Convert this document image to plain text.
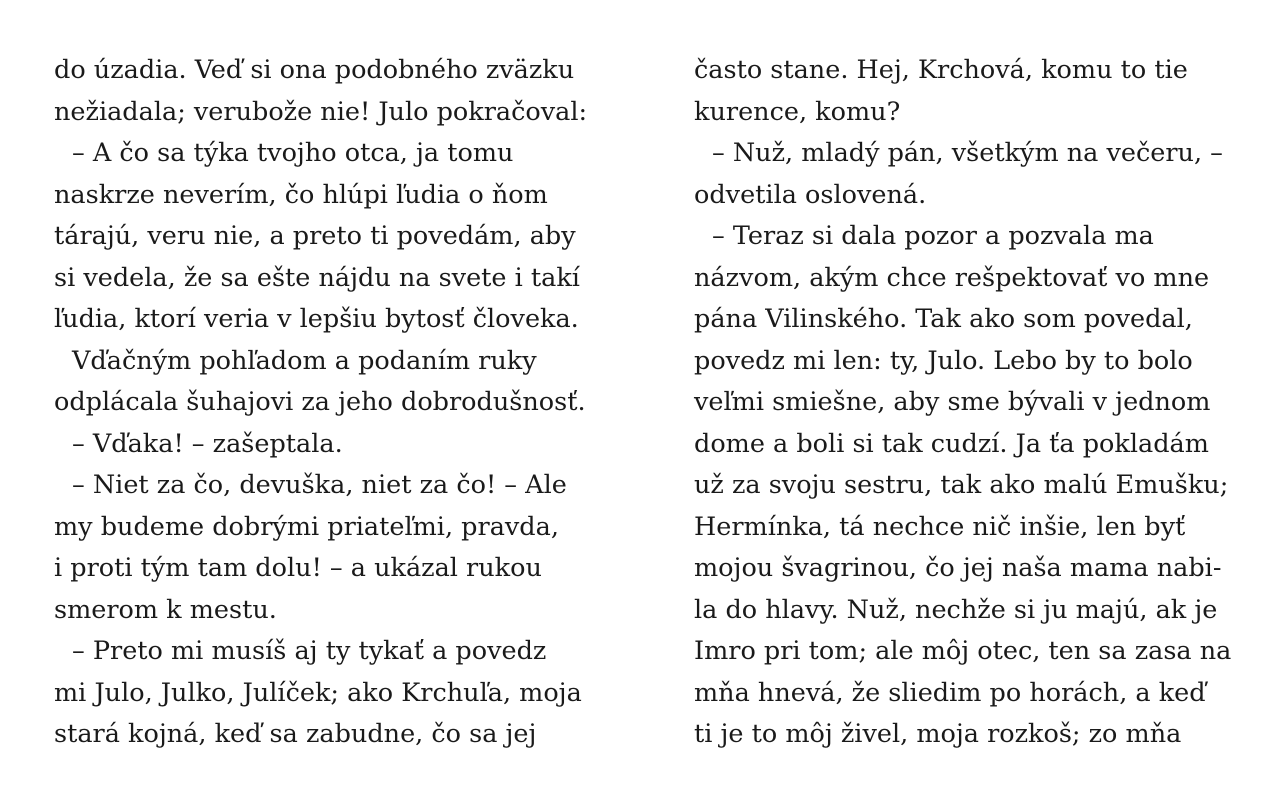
do úzadia. Veď si ona podobného zväzku
nežiadala; verubože nie! Julo pokračoval:
– A čo sa týka tvojho otca, ja tomu
naskrze neverím, čo hlúpi ľudia o ňom
tárajú, veru nie, a preto ti povedám, aby
si vedela, že sa ešte nájdu na svete i takí
ľudia, ktorí veria v lepšiu bytosť človeka.
Vďačným pohľadom a podaním ruky
odplácala šuhajovi za jeho dobrodušnosť.
– Vďaka! – zašeptala.
– Niet za čo, devuška, niet za čo! – Ale
my budeme dobrými priateľmi, pravda,
i proti tým tam dolu! – a ukázal rukou
smerom k mestu.
– Preto mi musíš aj ty tykať a povedz
mi Julo, Julko, Julíček; ako Krchuľa, moja
stará kojná, keď sa zabudne, čo sa jej
často stane. Hej, Krchová, komu to tie
kurence, komu?
– Nuž, mladý pán, všetkým na večeru, –
odvetila oslovená.
– Teraz si dala pozor a pozvala ma
názvom, akým chce rešpektovať vo mne
pána Vilinského. Tak ako som povedal,
povedz mi len: ty, Julo. Lebo by to bolo
veľmi smiešne, aby sme bývali v jednom
dome a boli si tak cudzí. Ja ťa pokladám
už za svoju sestru, tak ako malú Emušku;
Hermínka, tá nechce nič inšie, len byť
mojou švagrinou, čo jej naša mama nabi-
la do hlavy. Nuž, nechže si ju majú, ak je
Imro pri tom; ale môj otec, ten sa zasa na
mňa hnevá, že sliedim po horách, a keď
ti je to môj živel, moja rozkoš; zo mňa
